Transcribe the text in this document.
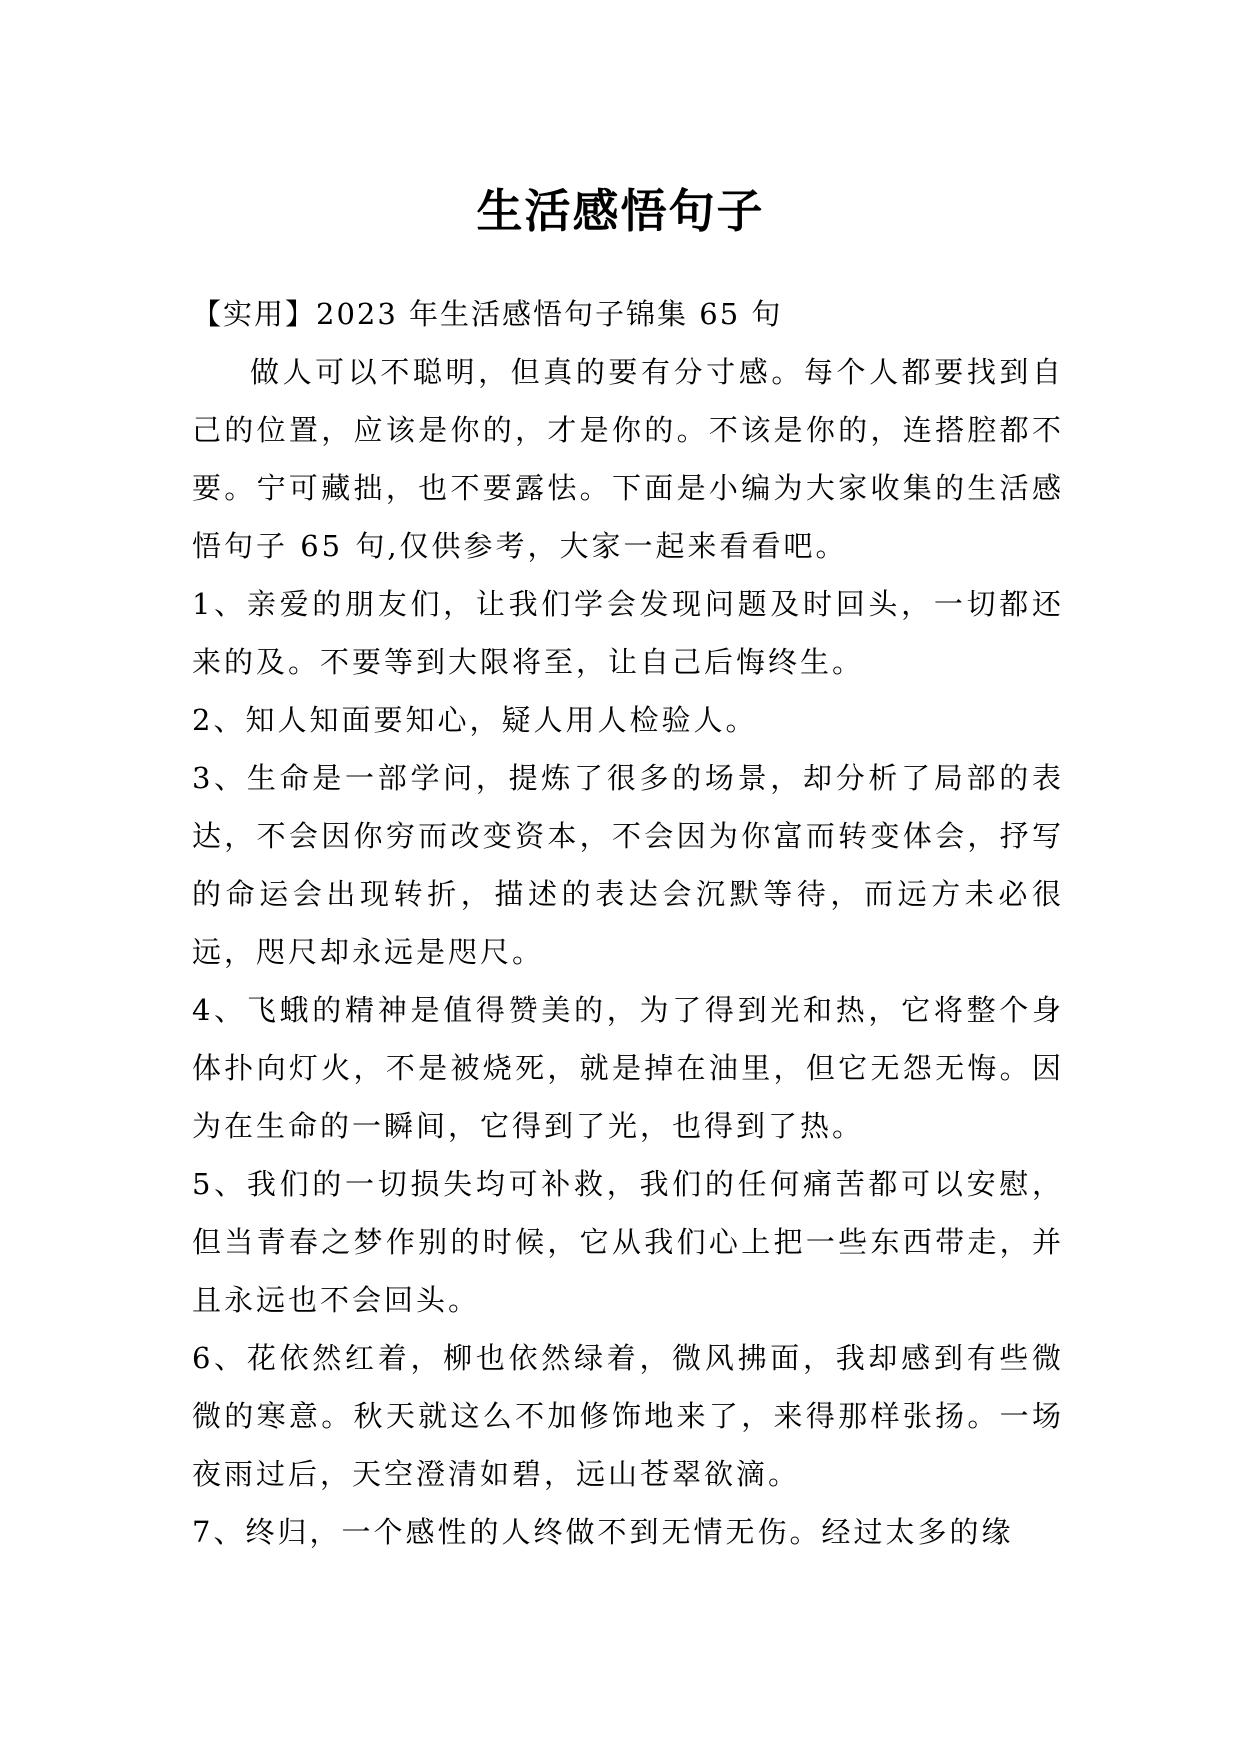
生活感悟句子

【实用】2023 年生活感悟句子锦集 65 句

做人可以不聪明，但真的要有分寸感。每个人都要找到自己的位置，应该是你的，才是你的。不该是你的，连搭腔都不要。宁可藏拙，也不要露怯。下面是小编为大家收集的生活感悟句子 65 句,仅供参考，大家一起来看看吧。

1、亲爱的朋友们，让我们学会发现问题及时回头，一切都还来的及。不要等到大限将至，让自己后悔终生。

2、知人知面要知心，疑人用人检验人。

3、生命是一部学问，提炼了很多的场景，却分析了局部的表达，不会因你穷而改变资本，不会因为你富而转变体会，抒写的命运会出现转折，描述的表达会沉默等待，而远方未必很远，咫尺却永远是咫尺。

4、飞蛾的精神是值得赞美的，为了得到光和热，它将整个身体扑向灯火，不是被烧死，就是掉在油里，但它无怨无悔。因为在生命的一瞬间，它得到了光，也得到了热。

5、我们的一切损失均可补救，我们的任何痛苦都可以安慰，但当青春之梦作别的时候，它从我们心上把一些东西带走，并且永远也不会回头。

6、花依然红着，柳也依然绿着，微风拂面，我却感到有些微微的寒意。秋天就这么不加修饰地来了，来得那样张扬。一场夜雨过后，天空澄清如碧，远山苍翠欲滴。

7、终归，一个感性的人终做不到无情无伤。经过太多的缘
